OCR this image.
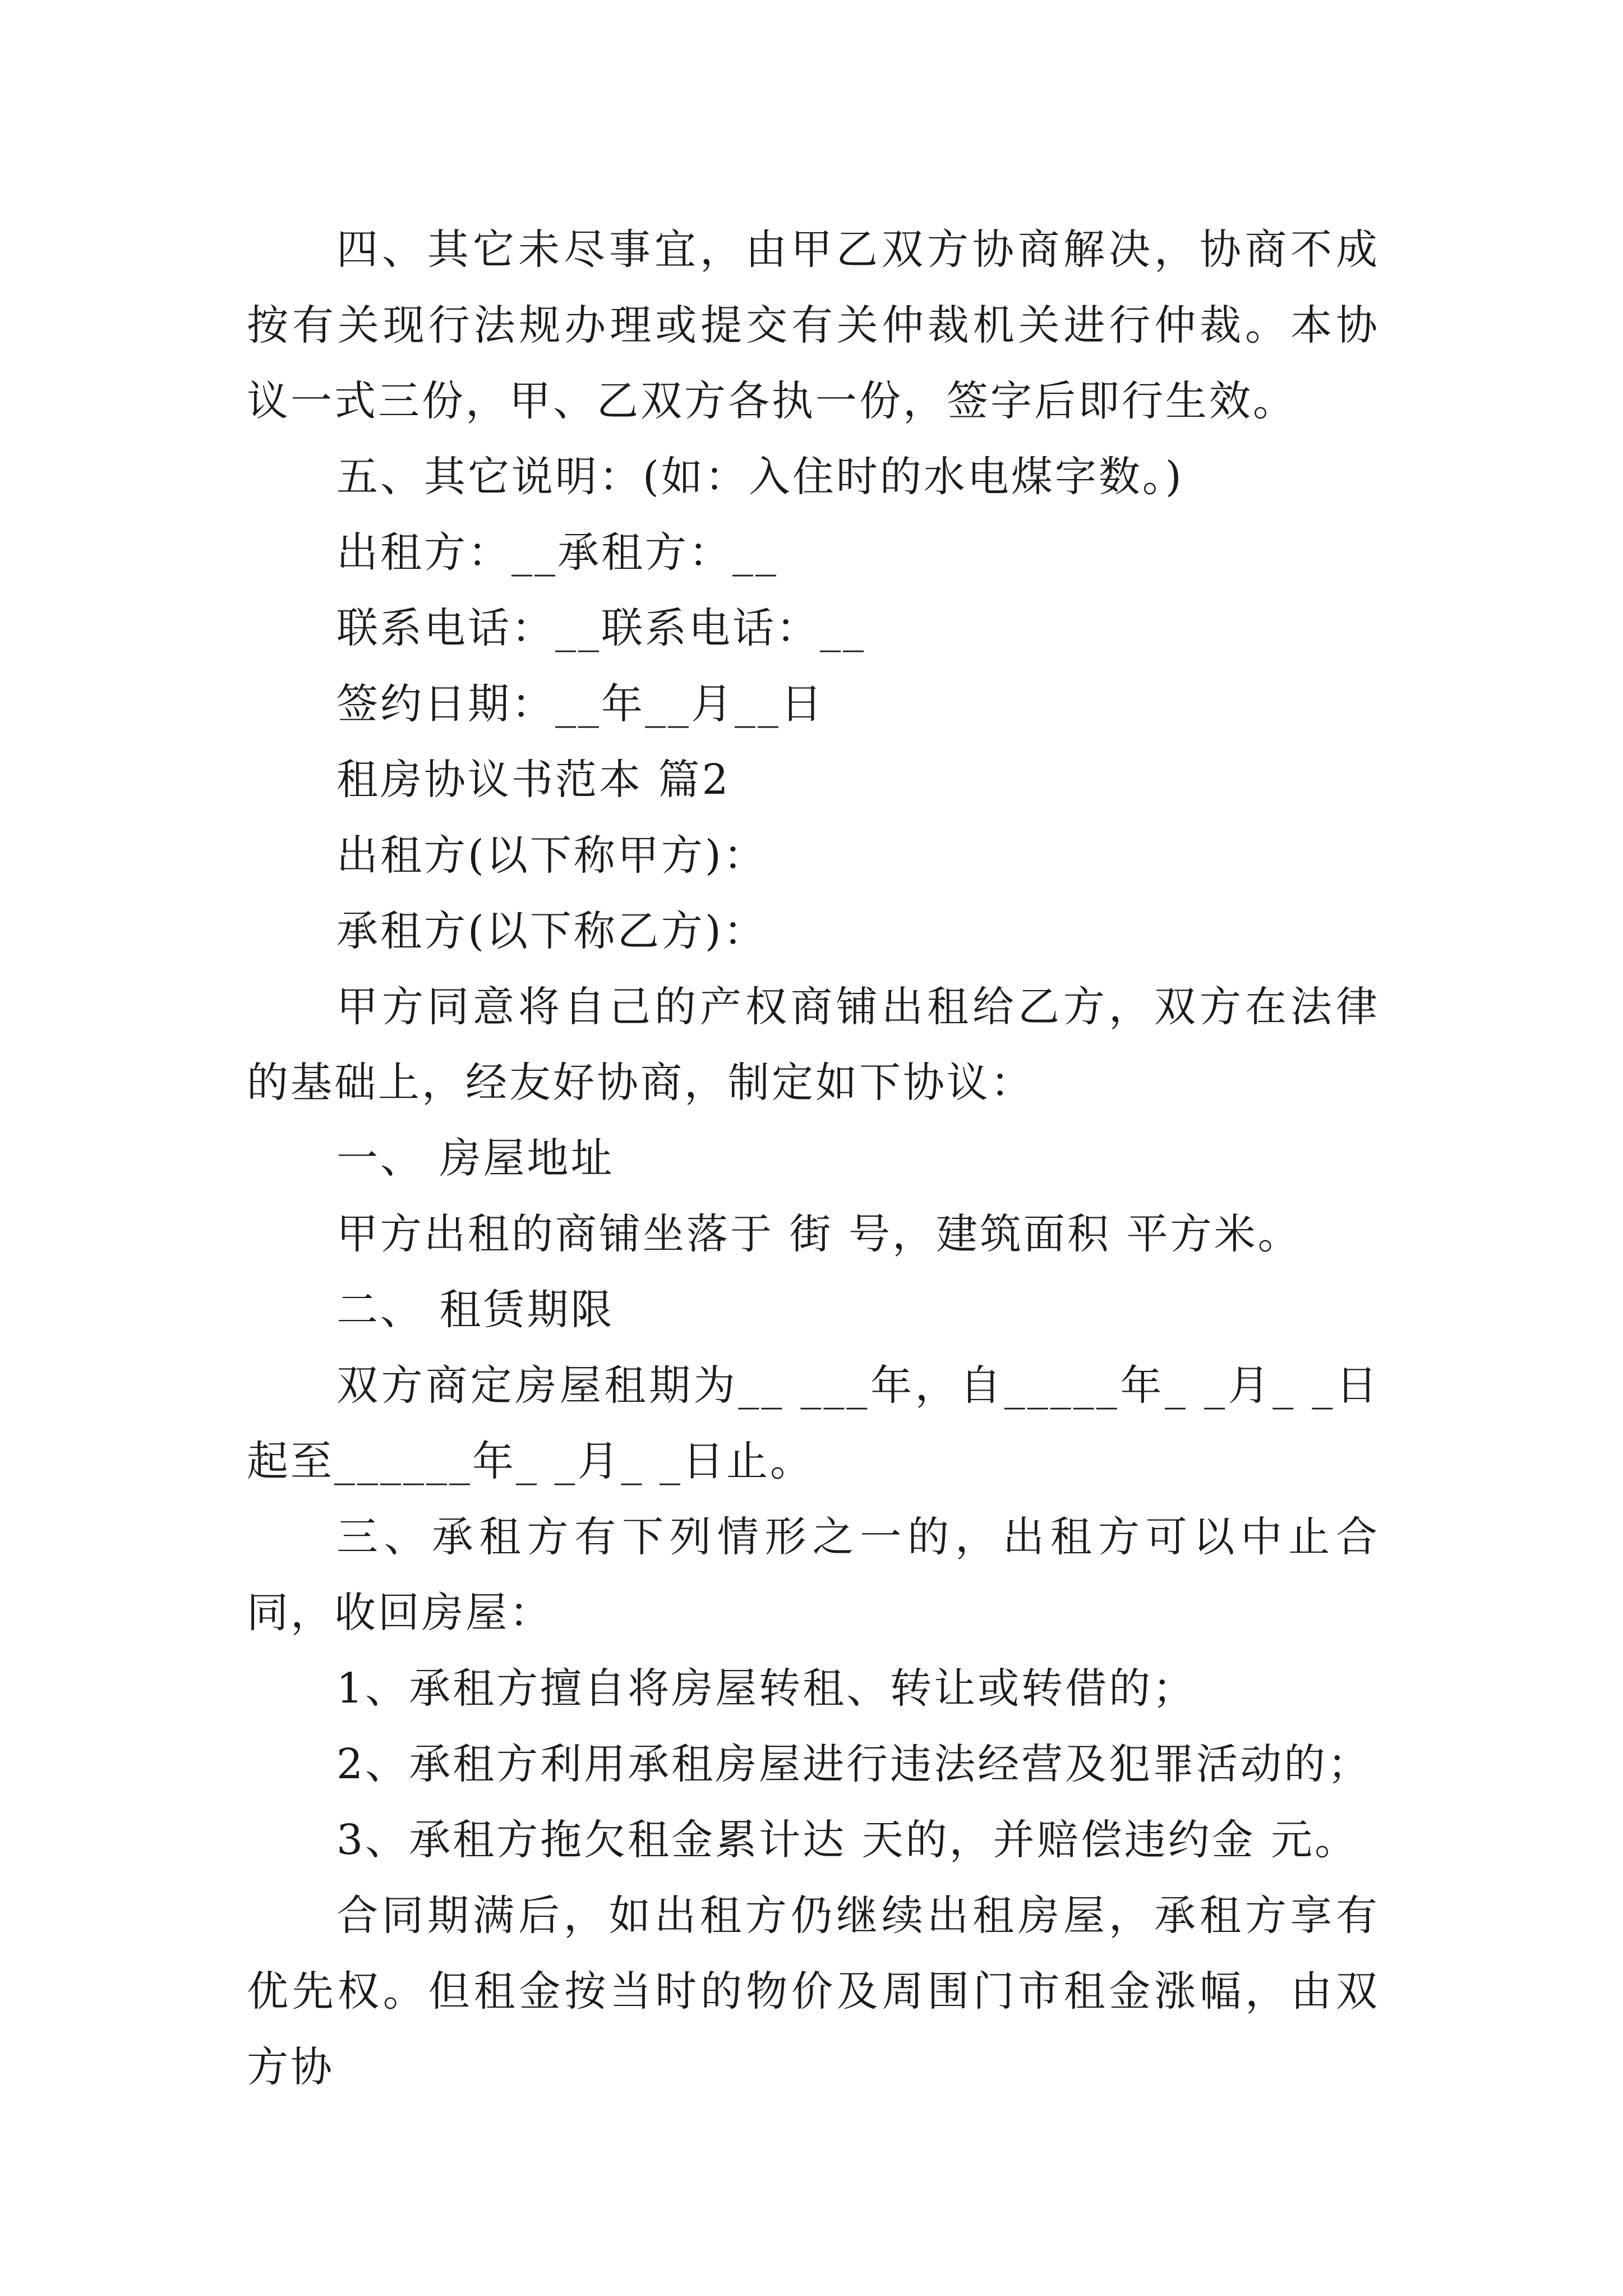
四、其它未尽事宜，由甲乙双方协商解决，协商不成按有关现行法规办理或提交有关仲裁机关进行仲裁。本协议一式三份，甲、乙双方各执一份，签字后即行生效。

五、其它说明：(如：入住时的水电煤字数。)

出租方：__承租方：__

联系电话：__联系电话：__

签约日期：__年__月__日

租房协议书范本 篇2

出租方(以下称甲方)：

承租方(以下称乙方)：

甲方同意将自己的产权商铺出租给乙方，双方在法律的基础上，经友好协商，制定如下协议：

一、 房屋地址

甲方出租的商铺坐落于 街 号，建筑面积 平方米。

二、 租赁期限

双方商定房屋租期为__ ___年，自_____年_ _月_ _日起至______年_ _月_ _日止。

三、承租方有下列情形之一的，出租方可以中止合同，收回房屋：

1、承租方擅自将房屋转租、转让或转借的；

2、承租方利用承租房屋进行违法经营及犯罪活动的；

3、承租方拖欠租金累计达 天的，并赔偿违约金 元。

合同期满后，如出租方仍继续出租房屋，承租方享有优先权。但租金按当时的物价及周围门市租金涨幅，由双方协
